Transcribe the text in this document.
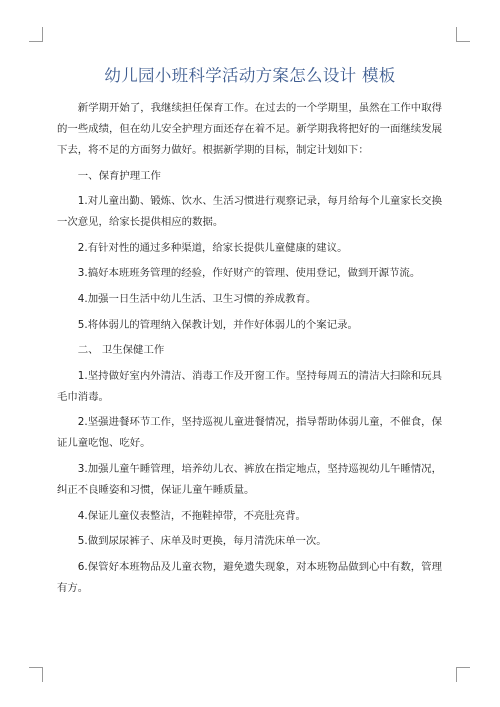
幼儿园小班科学活动方案怎么设计 模板

新学期开始了，我继续担任保育工作。在过去的一个学期里，虽然在工作中取得的一些成绩，但在幼儿安全护理方面还存在着不足。新学期我将把好的一面继续发展下去，将不足的方面努力做好。根据新学期的目标，制定计划如下：

一、保育护理工作

1.对儿童出勤、锻炼、饮水、生活习惯进行观察记录，每月给每个儿童家长交换一次意见，给家长提供相应的数据。

2.有针对性的通过多种渠道，给家长提供儿童健康的建议。

3.搞好本班班务管理的经验，作好财产的管理、使用登记，做到开源节流。

4.加强一日生活中幼儿生活、卫生习惯的养成教育。

5.将体弱儿的管理纳入保教计划，并作好体弱儿的个案记录。

二、 卫生保健工作

1.坚持做好室内外清洁、消毒工作及开窗工作。坚持每周五的清洁大扫除和玩具毛巾消毒。

2.坚强进餐环节工作，坚持巡视儿童进餐情况，指导帮助体弱儿童，不催食，保证儿童吃饱、吃好。

3.加强儿童午睡管理，培养幼儿衣、裤放在指定地点，坚持巡视幼儿午睡情况，纠正不良睡姿和习惯，保证儿童午睡质量。

4.保证儿童仪表整洁，不拖鞋掉带，不亮肚亮背。

5.做到尿尿裤子、床单及时更换，每月清洗床单一次。

6.保管好本班物品及儿童衣物，避免遗失现象，对本班物品做到心中有数，管理有方。
